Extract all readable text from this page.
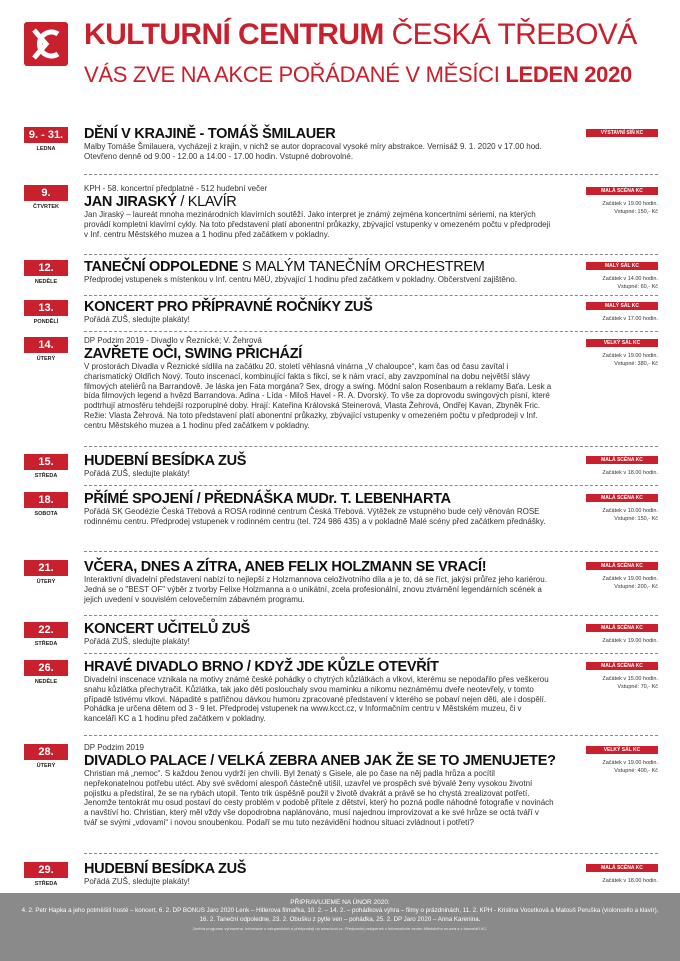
KULTURNÍ CENTRUM ČESKÁ TŘEBOVÁ
VÁS ZVE NA AKCE POŘÁDANÉ V MĚSÍCI LEDEN 2020
9. - 31.
LEDNA
DĚNÍ V KRAJINĚ - TOMÁŠ ŠMILAUER
Malby Tomáše Šmilauera, vycházejí z krajin, v nichž se autor dopracoval vysoké míry abstrakce. Vernisáž 9. 1. 2020 v 17.00 hod. Otevřeno denně od 9.00 - 12.00 a 14.00 - 17.00 hodin. Vstupné dobrovolné.
VÝSTAVNÍ SÍŇ KC
9.
ČTVRTEK
KPH - 58. koncertní předplatné - 512 hudební večer
JAN JIRASKÝ / KLAVÍR
Jan Jiraský – laureát mnoha mezinárodních klavírních soutěží. Jako interpret je známý zejména koncertními sériemi, na kterých provádí kompletní klavírní cykly. Na toto představení platí abonentní průkazky, zbývající vstupenky v omezeném počtu v předprodeji v Inf. centru Městského muzea a 1 hodinu před začátkem v pokladny.
MALÁ SCÉNA KC
Začátek v 19.00 hodin.
Vstupné: 150,- Kč
12.
NEDĚLE
TANEČNÍ ODPOLEDNE S MALÝM TANEČNÍM ORCHESTREM
Předprodej vstupenek s místenkou v Inf. centru MěÚ, zbývající 1 hodinu před začátkem v pokladny. Občerstvení zajištěno.
MALÝ SÁL KC
Začátek v 14.00 hodin.
Vstupné: 60,- Kč
13.
PONDĚLÍ
KONCERT PRO PŘÍPRAVNÉ ROČNÍKY ZUŠ
Pořádá ZUŠ, sledujte plakáty!
MALÝ SÁL KC
Začátek v 17.00 hodin.
14.
ÚTERÝ
DP Podzim 2019 - Divadlo v Řeznické; V. Žehrová
ZAVŘETE OČI, SWING PŘICHÁZÍ
V prostorách Divadla v Řeznické sídlila na začátku 20. století věhlasná vinárna „V chaloupce“, kam čas od času zavítal i charismatický Oldřich Nový. Touto inscenací, kombinující fakta s fikcí, se k nám vrací, aby zavzpomínal na dobu největší slávy filmových ateliérů na Barrandově. Je láska jen Fata morgána? Sex, drogy a swing. Módní salon Rosenbaum a reklamy Baťa. Lesk a bída filmových legend a hvězd Barrandova. Adina - Lída - Miloš Havel - R. A. Dvorský. To vše za doprovodu swingových písní, které podtrhují atmosféru tehdejší rozporuplné doby. Hrají: Kateřina Královská Steinerová, Vlasta Žehrová, Ondřej Kavan, Zbyněk Fric. Režie: Vlasta Žehrová. Na toto představení platí abonentní průkazky, zbývající vstupenky v omezeném počtu v předprodeji v Inf. centru Městského muzea a 1 hodinu před začátkem v pokladny.
VELKÝ SÁL KC
Začátek v 19.00 hodin.
Vstupné: 380,- Kč
15.
STŘEDA
HUDEBNÍ BESÍDKA ZUŠ
Pořádá ZUŠ, sledujte plakáty!
MALÁ SCÉNA KC
Začátek v 18.00 hodin.
18.
SOBOTA
PŘÍMÉ SPOJENÍ / PŘEDNÁŠKA MUDr. T. LEBENHARTA
Pořádá SK Geodézie Česká Třebová a ROSA rodinné centrum Česká Třebová. Výtěžek ze vstupného bude celý věnován ROSE rodinnému centru. Předprodej vstupenek v rodinném centru (tel. 724 986 435) a v pokladně Malé scény před začátkem přednášky.
MALÁ SCÉNA KC
Začátek v 10.00 hodin.
Vstupné: 150,- Kč
21.
ÚTERÝ
VČERA, DNES A ZÍTRA, ANEB FELIX HOLZMANN SE VRACÍ!
Interaktivní divadelní představení nabízí to nejlepší z Holzmannova celoživotního díla a je to, dá se říct, jakýsi průřez jeho kariérou. Jedná se o "BEST OF" výběr z tvorby Felixe Holzmanna a o unikátní, zcela profesionální, znovu ztvárnění legendárních scének a jejich uvedení v souvislém celovečerním zábavném programu.
MALÁ SCÉNA KC
Začátek v 19.00 hodin.
Vstupné: 200,- Kč
22.
STŘEDA
KONCERT UČITELŮ ZUŠ
Pořádá ZUŠ, sledujte plakáty!
MALÁ SCÉNA KC
Začátek v 19.00 hodin.
26.
NEDĚLE
HRAVÉ DIVADLO BRNO / KDYŽ JDE KŮZLE OTEVŘÍT
Divadelní inscenace vznikala na motivy známé české pohádky o chytrých kůzlátkách a vlkovi, kterému se nepodařilo přes veškerou snahu kůzlátka přechytračit. Kůzlátka, tak jako děti poslouchaly svou maminku a nikomu neznámému dveře neotevřely, v tomto případě lstivému vlkovi. Nápadité s patřičnou dávkou humoru zpracované představení v kterého se pobaví nejen děti, ale i dospělí. Pohádka je určena dětem od 3 - 9 let. Předprodej vstupenek na www.kcct.cz, v Informačním centru v Městském muzeu, či v kanceláři KC a 1 hodinu před začátkem v pokladny.
MALÁ SCÉNA KC
Začátek v 15.00 hodin.
Vstupné: 70,- Kč
28.
ÚTERÝ
DP Podzim 2019
DIVADLO PALACE / VELKÁ ZEBRA ANEB JAK ŽE SE TO JMENUJETE?
Christian má „nemoc“. S každou ženou vydrží jen chvíli. Byl ženatý s Gisele, ale po čase na něj padla hrůza a pocítil nepřekonatelnou potřebu utéct. Aby své svědomí alespoň částečně utišil, uzavřel ve prospěch své bývalé ženy vysokou životní pojistku a předstíral, že se na rybách utopil. Tento trik úspěšně použil v životě dvakrát a právě se ho chystá zrealizovat potřetí. Jenomže tentokrát mu osud postaví do cesty problém v podobě přítele z dětství, který ho pozná podle náhodné fotografie v novinách a navštíví ho. Christian, který měl vždy vše dopodrobna naplánováno, musí najednou improvizovat a ke své hrůze se octá tváří v tvář se svými „vdovami“ i novou snoubenkou. Podaří se mu tuto nezávidění hodnou situaci zvládnout i potřetí?
VELKÝ SÁL KC
Začátek v 19.00 hodin.
Vstupné: 400,- Kč
29.
STŘEDA
HUDEBNÍ BESÍDKA ZUŠ
Pořádá ZUŠ, sledujte plakáty!
MALÁ SCÉNA KC
Začátek v 18.00 hodin.
PŘIPRAVUJEME NA ÚNOR 2020:
4. 2. Petr Hapka a jeho potměšilí hosté – koncert, 6. 2. DP BONUS Jaro 2020 Lenk – Hitlerova filmařka, 10. 2. – 14. 2. – pohádková výhra – filmy o prázdninách, 11. 2. KPH - Kristina Vocetková a Matouš Peruška (violoncello a klavír), 16. 2. Taneční odpoledne, 23. 2. Obušku z pytle ven – pohádka, 25. 2. DP Jaro 2020 – Anna Karenina.
Změna programu vyhrazena. Informace o vstupenkách a předprodeji na www.kcct.cz. Předprodej vstupenek v Informačním centru Městského muzea a v kanceláři KC.
